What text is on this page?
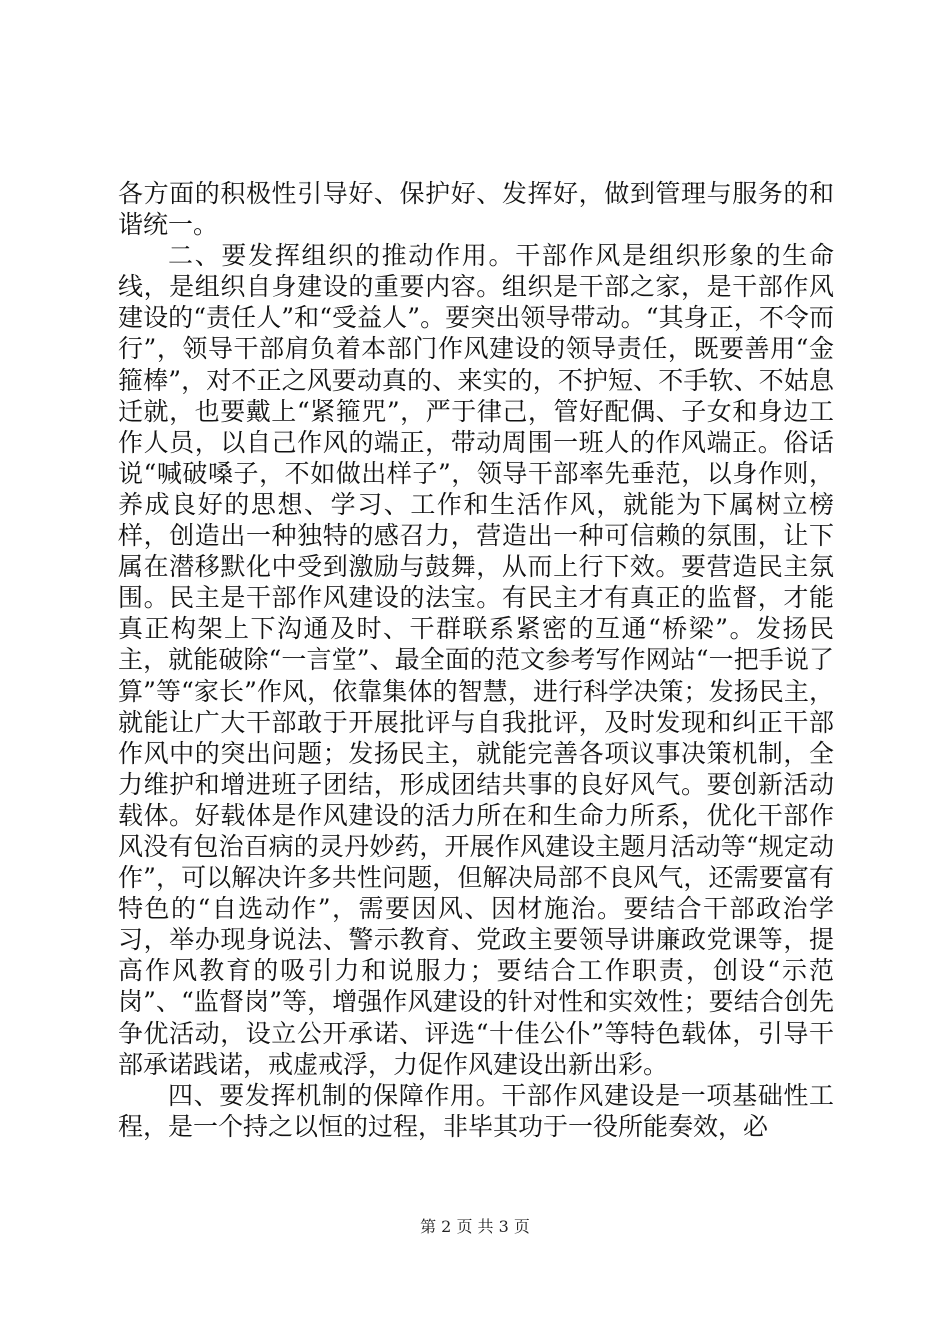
各方面的积极性引导好、保护好、发挥好，做到管理与服务的和谐统一。

二、要发挥组织的推动作用。干部作风是组织形象的生命线，是组织自身建设的重要内容。组织是干部之家，是干部作风建设的“责任人”和“受益人”。要突出领导带动。“其身正，不令而行”，领导干部肩负着本部门作风建设的领导责任，既要善用“金箍棒”，对不正之风要动真的、来实的，不护短、不手软、不姑息迁就，也要戴上“紧箍咒”，严于律己，管好配偶、子女和身边工作人员，以自己作风的端正，带动周围一班人的作风端正。俗话说“喊破嗓子，不如做出样子”，领导干部率先垂范，以身作则，养成良好的思想、学习、工作和生活作风，就能为下属树立榜样，创造出一种独特的感召力，营造出一种可信赖的氛围，让下属在潜移默化中受到激励与鼓舞，从而上行下效。要营造民主氛围。民主是干部作风建设的法宝。有民主才有真正的监督，才能真正构架上下沟通及时、干群联系紧密的互通“桥梁”。发扬民主，就能破除“一言堂”、最全面的范文参考写作网站“一把手说了算”等“家长”作风，依靠集体的智慧，进行科学决策；发扬民主，就能让广大干部敢于开展批评与自我批评，及时发现和纠正干部作风中的突出问题；发扬民主，就能完善各项议事决策机制，全力维护和增进班子团结，形成团结共事的良好风气。要创新活动载体。好载体是作风建设的活力所在和生命力所系，优化干部作风没有包治百病的灵丹妙药，开展作风建设主题月活动等“规定动作”，可以解决许多共性问题，但解决局部不良风气，还需要富有特色的“自选动作”，需要因风、因材施治。要结合干部政治学习，举办现身说法、警示教育、党政主要领导讲廉政党课等，提高作风教育的吸引力和说服力；要结合工作职责，创设“示范岗”、“监督岗”等，增强作风建设的针对性和实效性；要结合创先争优活动，设立公开承诺、评选“十佳公仆”等特色载体，引导干部承诺践诺，戒虚戒浮，力促作风建设出新出彩。

四、要发挥机制的保障作用。干部作风建设是一项基础性工程，是一个持之以恒的过程，非毕其功于一役所能奏效，必

第 2 页 共 3 页
